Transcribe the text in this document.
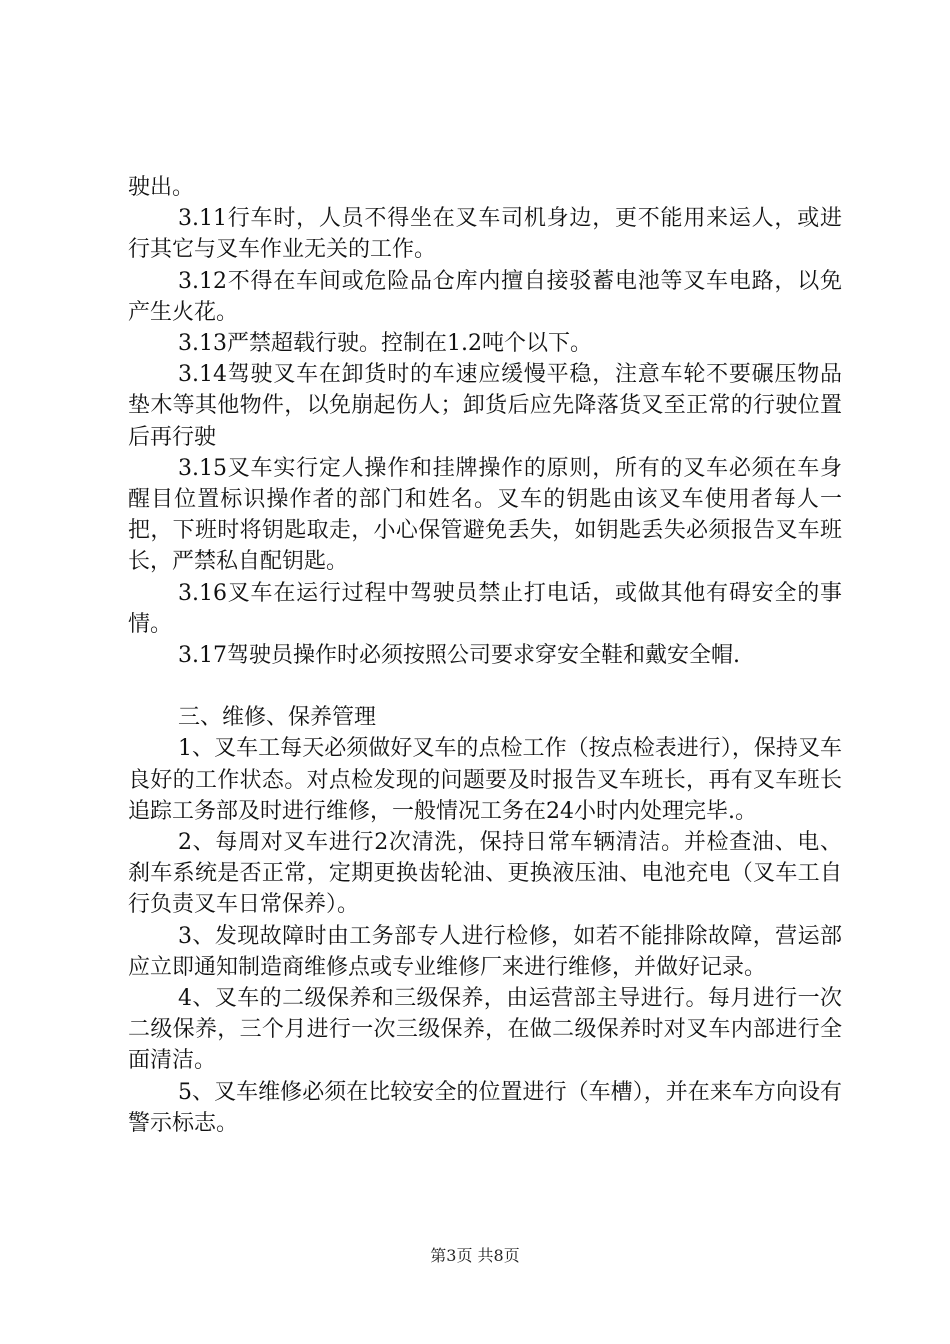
驶出。

3.11行车时，人员不得坐在叉车司机身边，更不能用来运人，或进行其它与叉车作业无关的工作。

3.12不得在车间或危险品仓库内擅自接驳蓄电池等叉车电路，以免产生火花。

3.13严禁超载行驶。控制在1.2吨个以下。

3.14驾驶叉车在卸货时的车速应缓慢平稳，注意车轮不要碾压物品垫木等其他物件，以免崩起伤人；卸货后应先降落货叉至正常的行驶位置后再行驶

3.15叉车实行定人操作和挂牌操作的原则，所有的叉车必须在车身醒目位置标识操作者的部门和姓名。叉车的钥匙由该叉车使用者每人一把，下班时将钥匙取走，小心保管避免丢失，如钥匙丢失必须报告叉车班长，严禁私自配钥匙。

3.16叉车在运行过程中驾驶员禁止打电话，或做其他有碍安全的事情。

3.17驾驶员操作时必须按照公司要求穿安全鞋和戴安全帽.

三、维修、保养管理

1、叉车工每天必须做好叉车的点检工作（按点检表进行），保持叉车良好的工作状态。对点检发现的问题要及时报告叉车班长，再有叉车班长追踪工务部及时进行维修，一般情况工务在24小时内处理完毕.。

2、每周对叉车进行2次清洗，保持日常车辆清洁。并检查油、电、刹车系统是否正常，定期更换齿轮油、更换液压油、电池充电（叉车工自行负责叉车日常保养）。

3、发现故障时由工务部专人进行检修，如若不能排除故障，营运部应立即通知制造商维修点或专业维修厂来进行维修，并做好记录。

4、叉车的二级保养和三级保养，由运营部主导进行。每月进行一次二级保养，三个月进行一次三级保养，在做二级保养时对叉车内部进行全面清洁。

5、叉车维修必须在比较安全的位置进行（车槽），并在来车方向设有警示标志。

第3页 共8页
